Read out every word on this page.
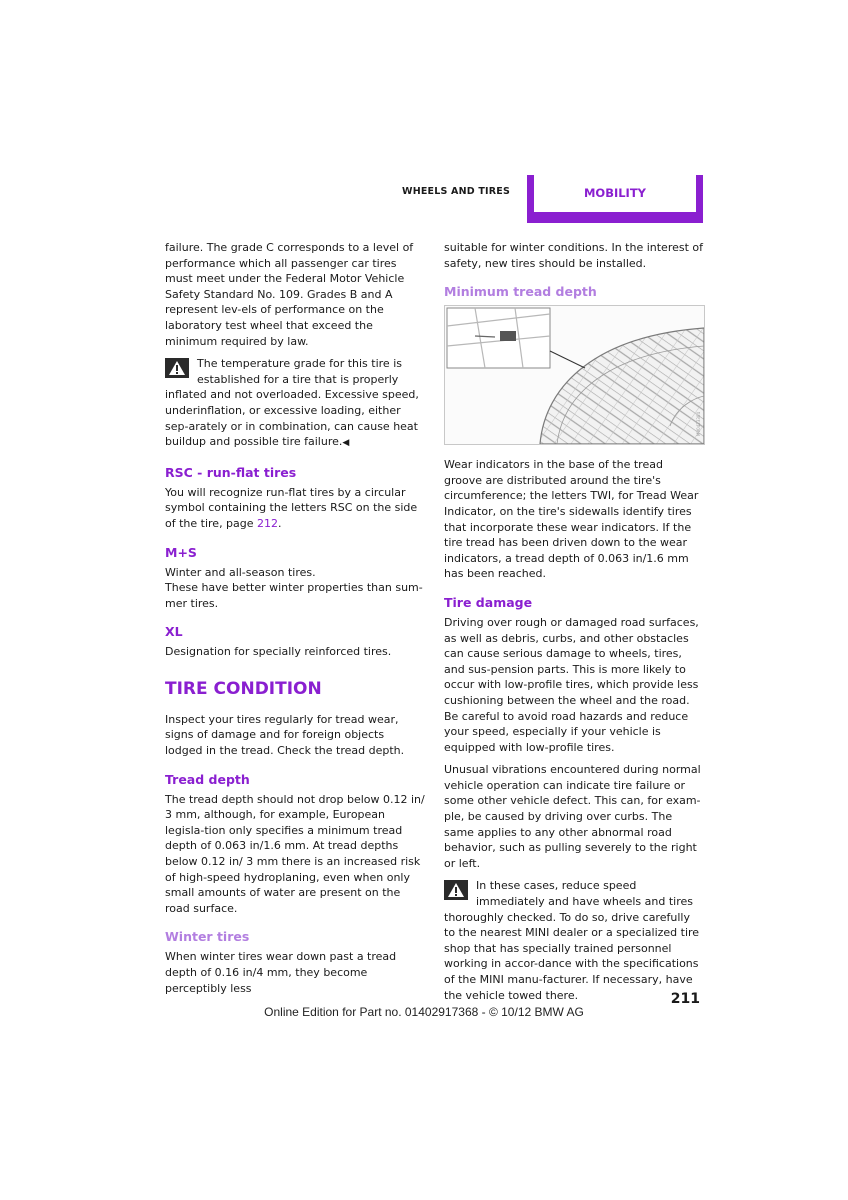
WHEELS AND TIRES	MOBILITY

failure. The grade C corresponds to a level of performance which all passenger car tires must meet under the Federal Motor Vehicle Safety Standard No. 109. Grades B and A represent lev-els of performance on the laboratory test wheel that exceed the minimum required by law.

The temperature grade for this tire is established for a tire that is properly inflated and not overloaded. Excessive speed, underinflation, or excessive loading, either sep-arately or in combination, can cause heat buildup and possible tire failure.◀
RSC - run-flat tires

You will recognize run-flat tires by a circular symbol containing the letters RSC on the side of the tire, page 212.

M+S

Winter and all-season tires.
These have better winter properties than sum-mer tires.

XL

Designation for specially reinforced tires.

TIRE CONDITION

Inspect your tires regularly for tread wear, signs of damage and for foreign objects lodged in the tread. Check the tread depth.

Tread depth

The tread depth should not drop below 0.12 in/ 3 mm, although, for example, European legisla-tion only specifies a minimum tread depth of 0.063 in/1.6 mm. At tread depths below 0.12 in/ 3 mm there is an increased risk of high-speed hydroplaning, even when only small amounts of water are present on the road surface.

Winter tires

When winter tires wear down past a tread depth of 0.16 in/4 mm, they become perceptibly less

suitable for winter conditions. In the interest of safety, new tires should be installed.

Minimum tread depth
MV0423304

Wear indicators in the base of the tread groove are distributed around the tire's circumference; the letters TWI, for Tread Wear Indicator, on the tire's sidewalls identify tires that incorporate these wear indicators. If the tire tread has been driven down to the wear indicators, a tread depth of 0.063 in/1.6 mm has been reached.

Tire damage

Driving over rough or damaged road surfaces, as well as debris, curbs, and other obstacles can cause serious damage to wheels, tires, and sus-pension parts. This is more likely to occur with low-profile tires, which provide less cushioning between the wheel and the road. Be careful to avoid road hazards and reduce your speed, especially if your vehicle is equipped with low-profile tires.

Unusual vibrations encountered during normal vehicle operation can indicate tire failure or some other vehicle defect. This can, for exam-ple, be caused by driving over curbs. The same applies to any other abnormal road behavior, such as pulling severely to the right or left.

In these cases, reduce speed immediately and have wheels and tires thoroughly checked. To do so, drive carefully to the nearest MINI dealer or a specialized tire shop that has specially trained personnel working in accor-dance with the specifications of the MINI manu-facturer. If necessary, have the vehicle towed there.	211
Online Edition for Part no. 01402917368 - © 10/12 BMW AG
